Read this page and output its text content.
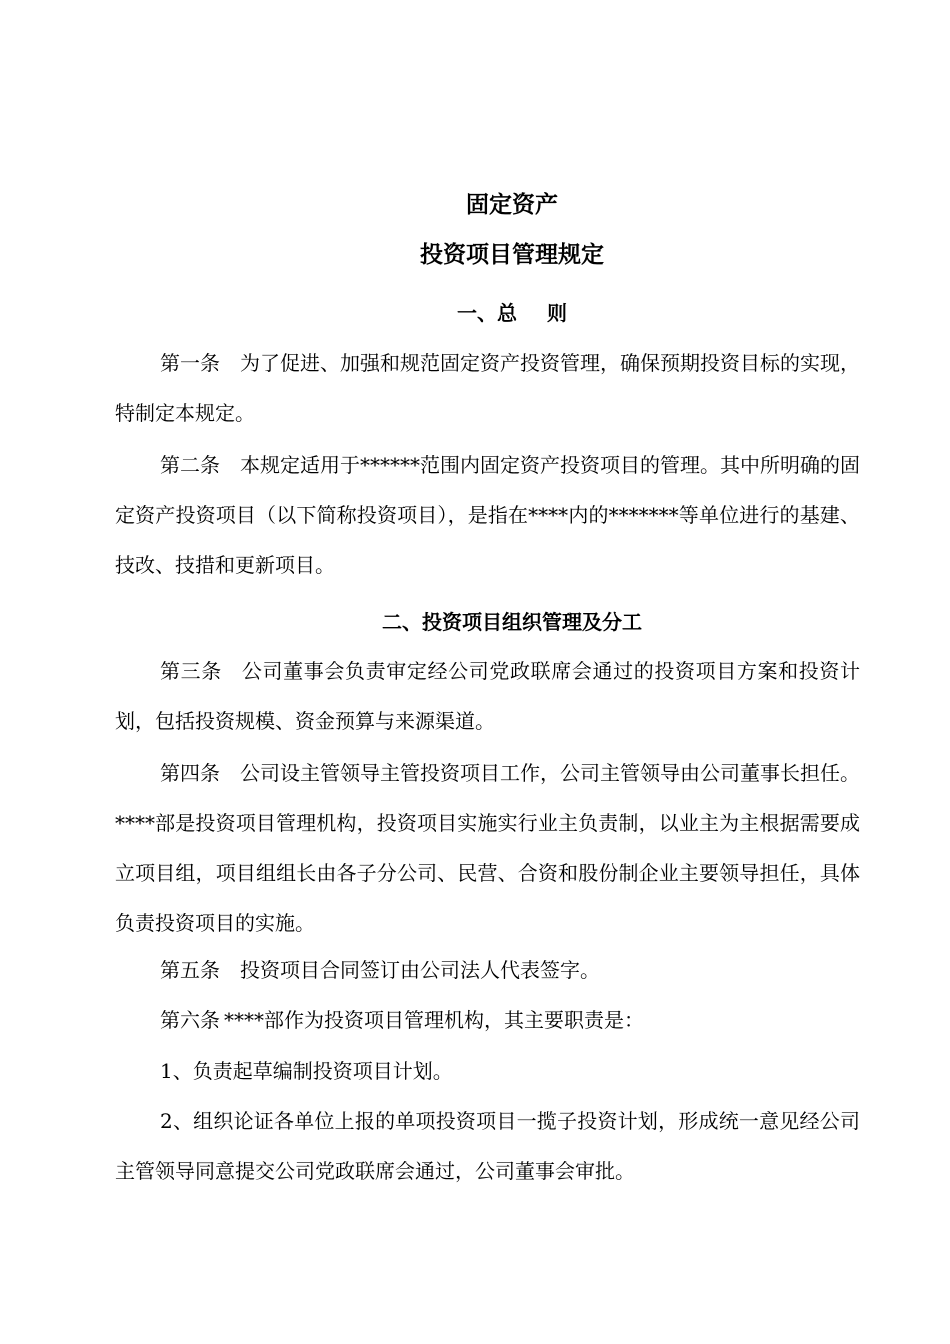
固定资产
投资项目管理规定
一、总 则
第一条 为了促进、加强和规范固定资产投资管理，确保预期投资目标的实现，特制定本规定。
第二条 本规定适用于******范围内固定资产投资项目的管理。其中所明确的固定资产投资项目（以下简称投资项目），是指在****内的*******等单位进行的基建、技改、技措和更新项目。
二、投资项目组织管理及分工
第三条 公司董事会负责审定经公司党政联席会通过的投资项目方案和投资计划，包括投资规模、资金预算与来源渠道。
第四条 公司设主管领导主管投资项目工作，公司主管领导由公司董事长担任。****部是投资项目管理机构，投资项目实施实行业主负责制，以业主为主根据需要成立项目组，项目组组长由各子分公司、民营、合资和股份制企业主要领导担任，具体负责投资项目的实施。
第五条 投资项目合同签订由公司法人代表签字。
第六条 ****部作为投资项目管理机构，其主要职责是：
1、负责起草编制投资项目计划。
2、组织论证各单位上报的单项投资项目一揽子投资计划，形成统一意见经公司主管领导同意提交公司党政联席会通过，公司董事会审批。
